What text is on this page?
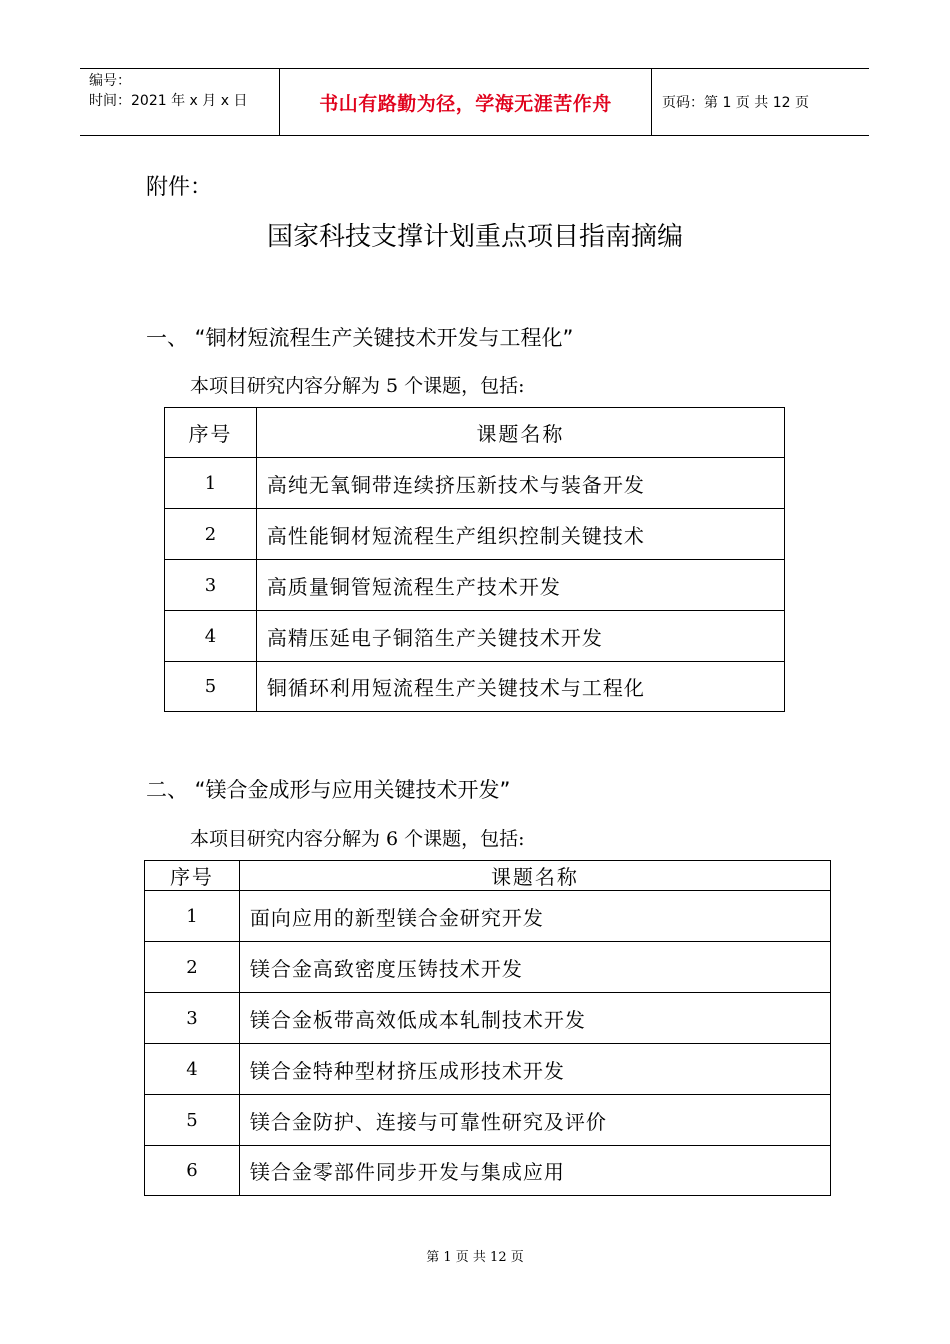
编号：
时间：2021 年 x 月 x 日	书山有路勤为径，学海无涯苦作舟	页码：第 1 页 共 12 页
附件：
国家科技支撑计划重点项目指南摘编
一、 “铜材短流程生产关键技术开发与工程化”
本项目研究内容分解为 5 个课题，包括:
序号	课题名称
1	高纯无氧铜带连续挤压新技术与装备开发
2	高性能铜材短流程生产组织控制关键技术
3	高质量铜管短流程生产技术开发
4	高精压延电子铜箔生产关键技术开发
5	铜循环利用短流程生产关键技术与工程化
二、 “镁合金成形与应用关键技术开发”
本项目研究内容分解为 6 个课题，包括:
序号	课题名称
1	面向应用的新型镁合金研究开发
2	镁合金高致密度压铸技术开发
3	镁合金板带高效低成本轧制技术开发
4	镁合金特种型材挤压成形技术开发
5	镁合金防护、连接与可靠性研究及评价
6	镁合金零部件同步开发与集成应用
第 1 页 共 12 页
